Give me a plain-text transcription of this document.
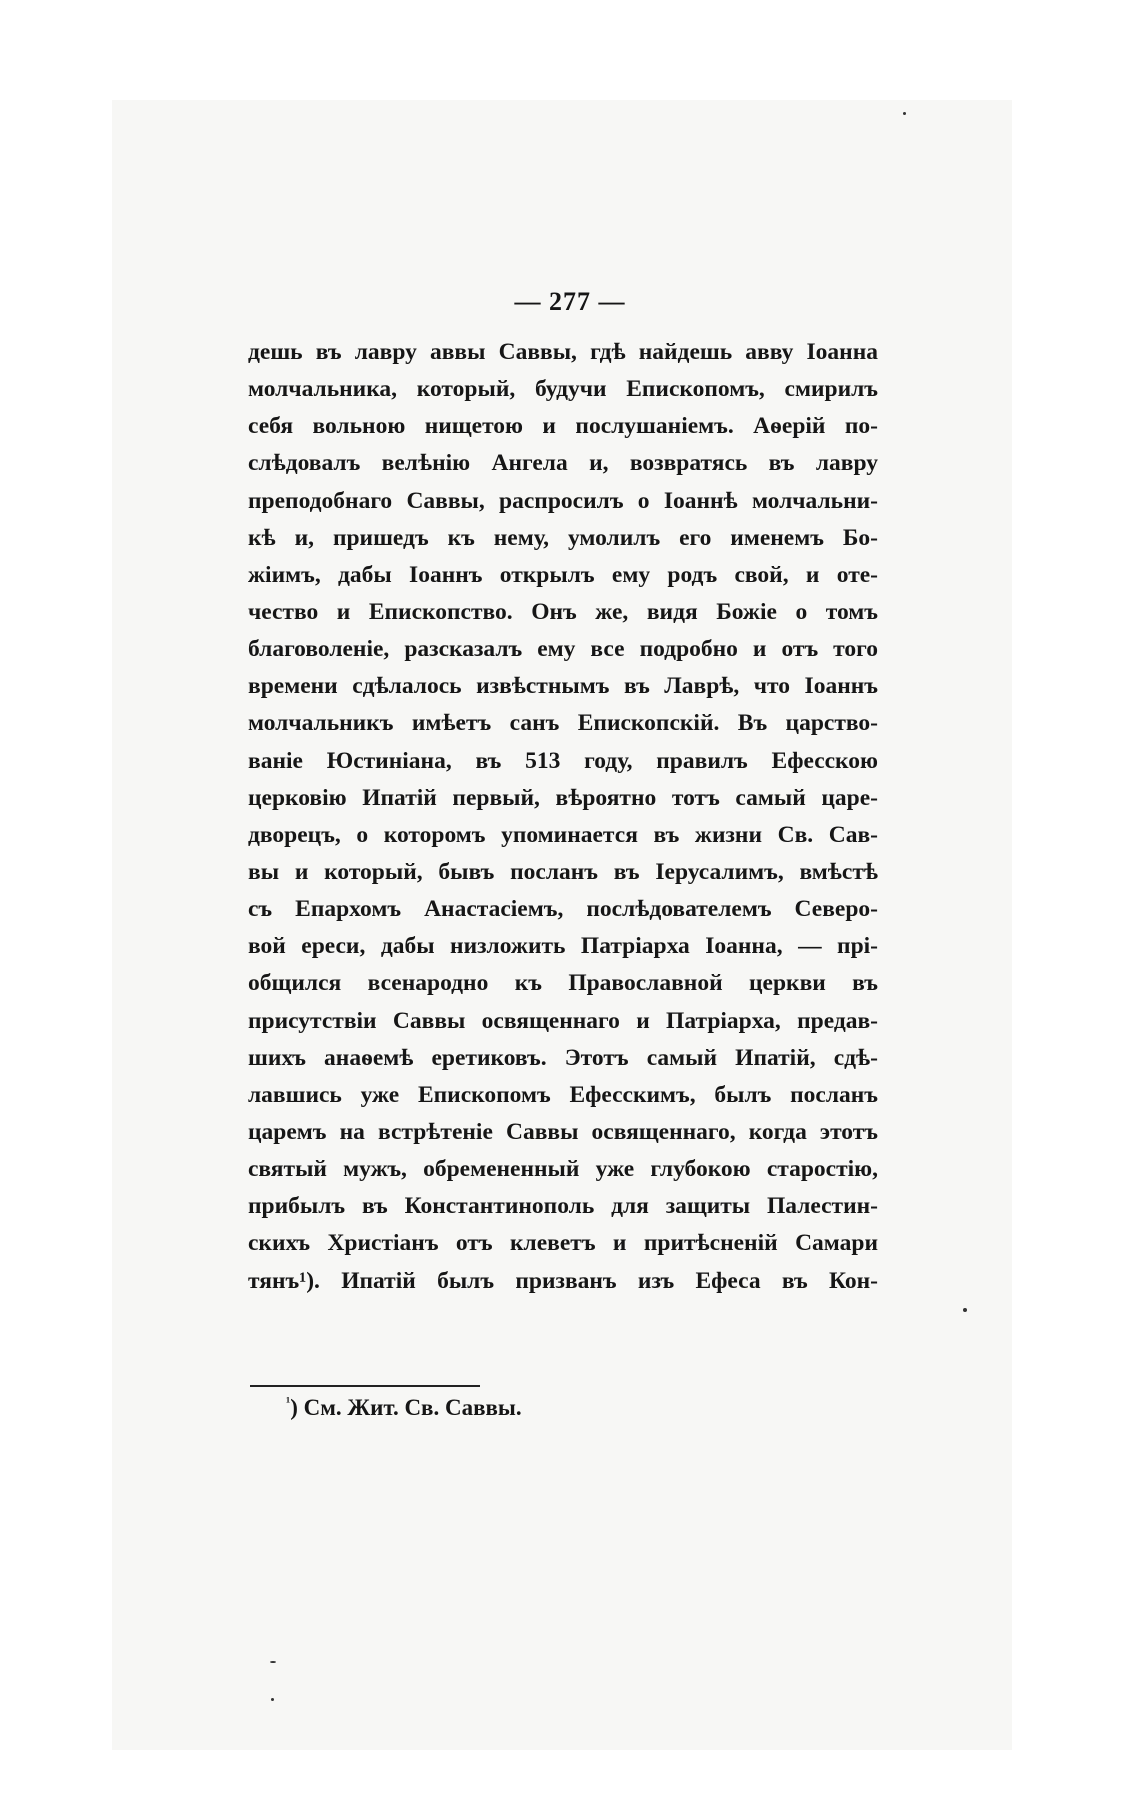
— 277 —
дешь въ лавру аввы Саввы, гдѣ найдешь авву Іоанна
молчальника, который, будучи Епископомъ, смирилъ
себя вольною нищетою и послушаніемъ. Аѳерій по-
слѣдовалъ велѣнію Ангела и, возвратясь въ лавру
преподобнаго Саввы, распросилъ о Іоаннѣ молчальни-
кѣ и, пришедъ къ нему, умолилъ его именемъ Бо-
жіимъ, дабы Іоаннъ открылъ ему родъ свой, и оте-
чество и Епископство. Онъ же, видя Божіе о томъ
благоволеніе, разсказалъ ему все подробно и отъ того
времени сдѣлалось извѣстнымъ въ Лаврѣ, что Іоаннъ
молчальникъ имѣетъ санъ Епископскій. Въ царство-
ваніе Юстиніана, въ 513 году, правилъ Ефесскою
церковію Ипатій первый, вѣроятно тотъ самый царе-
дворецъ, о которомъ упоминается въ жизни Св. Сав-
вы и который, бывъ посланъ въ Іерусалимъ, вмѣстѣ
съ Епархомъ Анастасіемъ, послѣдователемъ Северо-
вой ереси, дабы низложить Патріарха Іоанна, — прі-
общился всенародно къ Православной церкви въ
присутствіи Саввы освященнаго и Патріарха, предав-
шихъ анаѳемѣ еретиковъ. Этотъ самый Ипатій, сдѣ-
лавшись уже Епископомъ Ефесскимъ, былъ посланъ
царемъ на встрѣтеніе Саввы освященнаго, когда этотъ
святый мужъ, обремененный уже глубокою старостію,
прибылъ въ Константинополь для защиты Палестин-
скихъ Христіанъ отъ клеветъ и притѣсненій Самари
тянъ¹). Ипатій былъ призванъ изъ Ефеса въ Кон-
$^{^1}$) См. Жит. Св. Саввы.
